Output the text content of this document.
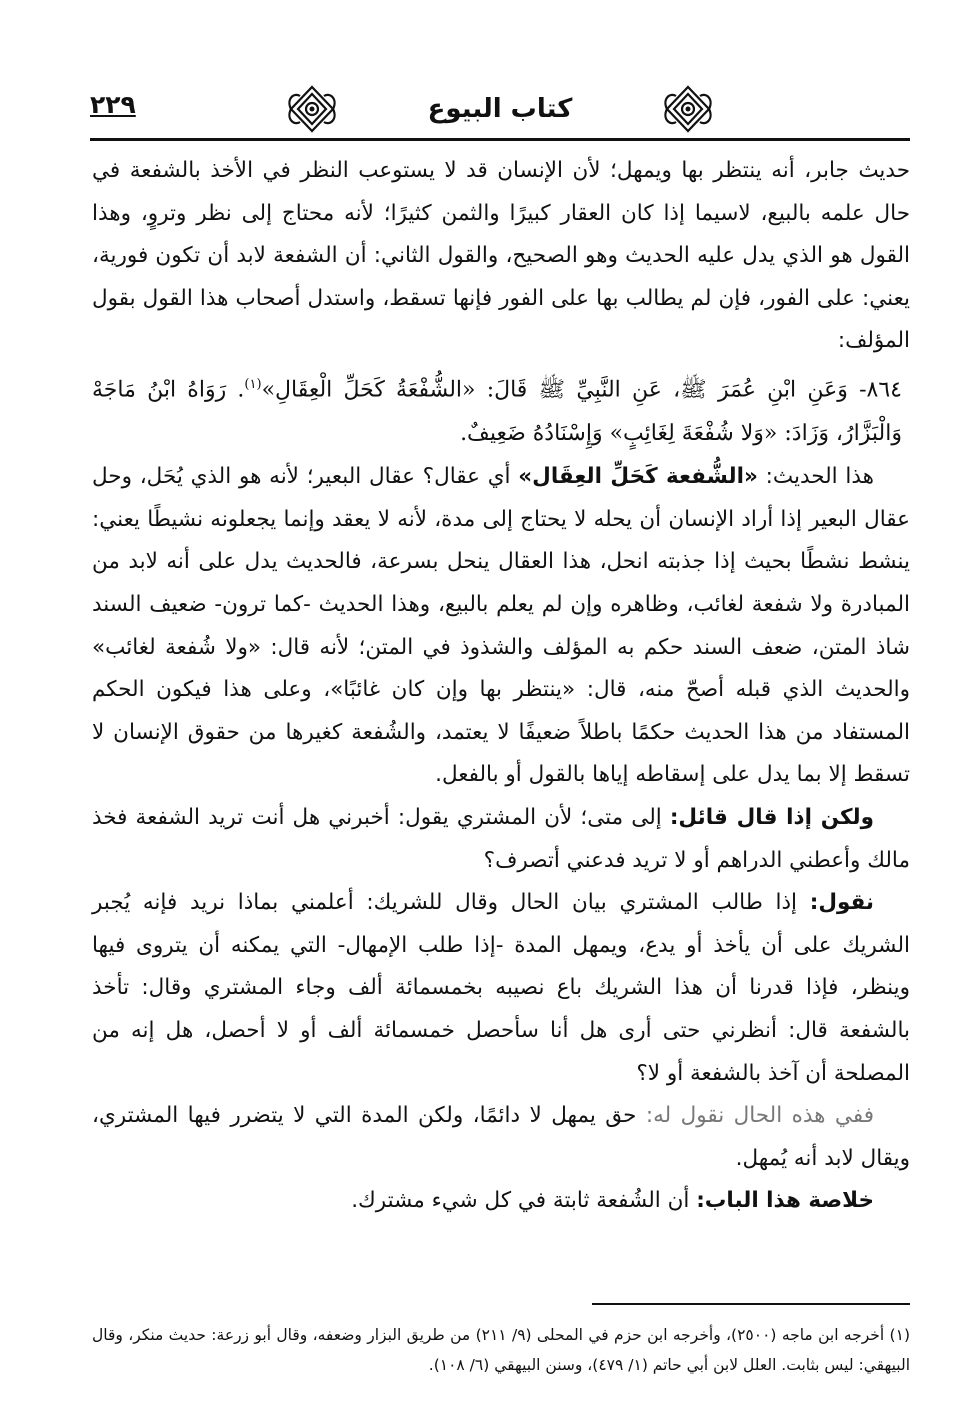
٢٢٩	كتاب البيوع

حديث جابر، أنه ينتظر بها ويمهل؛ لأن الإنسان قد لا يستوعب النظر في الأخذ بالشفعة في حال علمه بالبيع، لاسيما إذا كان العقار كبيرًا والثمن كثيرًا؛ لأنه محتاج إلى نظر وتروٍ، وهذا القول هو الذي يدل عليه الحديث وهو الصحيح، والقول الثاني: أن الشفعة لابد أن تكون فورية، يعني: على الفور، فإن لم يطالب بها على الفور فإنها تسقط، واستدل أصحاب هذا القول بقول المؤلف:

٨٦٤- وَعَنِ ابْنِ عُمَرَ ﷺ، عَنِ النَّبِيِّ ﷺ قَالَ: «الشُّفْعَةُ كَحَلِّ الْعِقَالِ»$^{(١)}$. رَوَاهُ ابْنُ مَاجَهْ وَالْبَزَّارُ، وَزَادَ: «وَلا شُفْعَةَ لِغَائِبٍ» وَإِسْنَادُهُ ضَعِيفٌ.

هذا الحديث: «الشُّفعة كَحَلِّ العِقَال» أي عقال؟ عقال البعير؛ لأنه هو الذي يُحَل، وحل عقال البعير إذا أراد الإنسان أن يحله لا يحتاج إلى مدة، لأنه لا يعقد وإنما يجعلونه نشيطًا يعني: ينشط نشطًا بحيث إذا جذبته انحل، هذا العقال ينحل بسرعة، فالحديث يدل على أنه لابد من المبادرة ولا شفعة لغائب، وظاهره وإن لم يعلم بالبيع، وهذا الحديث -كما ترون- ضعيف السند شاذ المتن، ضعف السند حكم به المؤلف والشذوذ في المتن؛ لأنه قال: «ولا شُفعة لغائب» والحديث الذي قبله أصحّ منه، قال: «ينتظر بها وإن كان غائبًا»، وعلى هذا فيكون الحكم المستفاد من هذا الحديث حكمًا باطلاً ضعيفًا لا يعتمد، والشُفعة كغيرها من حقوق الإنسان لا تسقط إلا بما يدل على إسقاطه إياها بالقول أو بالفعل.

ولكن إذا قال قائل: إلى متى؛ لأن المشتري يقول: أخبرني هل أنت تريد الشفعة فخذ مالك وأعطني الدراهم أو لا تريد فدعني أتصرف؟

نقول: إذا طالب المشتري بيان الحال وقال للشريك: أعلمني بماذا نريد فإنه يُجبر الشريك على أن يأخذ أو يدع، ويمهل المدة -إذا طلب الإمهال- التي يمكنه أن يتروى فيها وينظر، فإذا قدرنا أن هذا الشريك باع نصيبه بخمسمائة ألف وجاء المشتري وقال: تأخذ بالشفعة قال: أنظرني حتى أرى هل أنا سأحصل خمسمائة ألف أو لا أحصل، هل إنه من المصلحة أن آخذ بالشفعة أو لا؟

ففي هذه الحال نقول له: حق يمهل لا دائمًا، ولكن المدة التي لا يتضرر فيها المشتري، ويقال لابد أنه يُمهل.

خلاصة هذا الباب: أن الشُفعة ثابتة في كل شيء مشترك.

(١) أخرجه ابن ماجه (٢٥٠٠)، وأخرجه ابن حزم في المحلى (٩/ ٢١١) من طريق البزار وضعفه، وقال أبو زرعة: حديث منكر، وقال البيهقي: ليس بثابت. العلل لابن أبي حاتم (١/ ٤٧٩)، وسنن البيهقي (٦/ ١٠٨).
